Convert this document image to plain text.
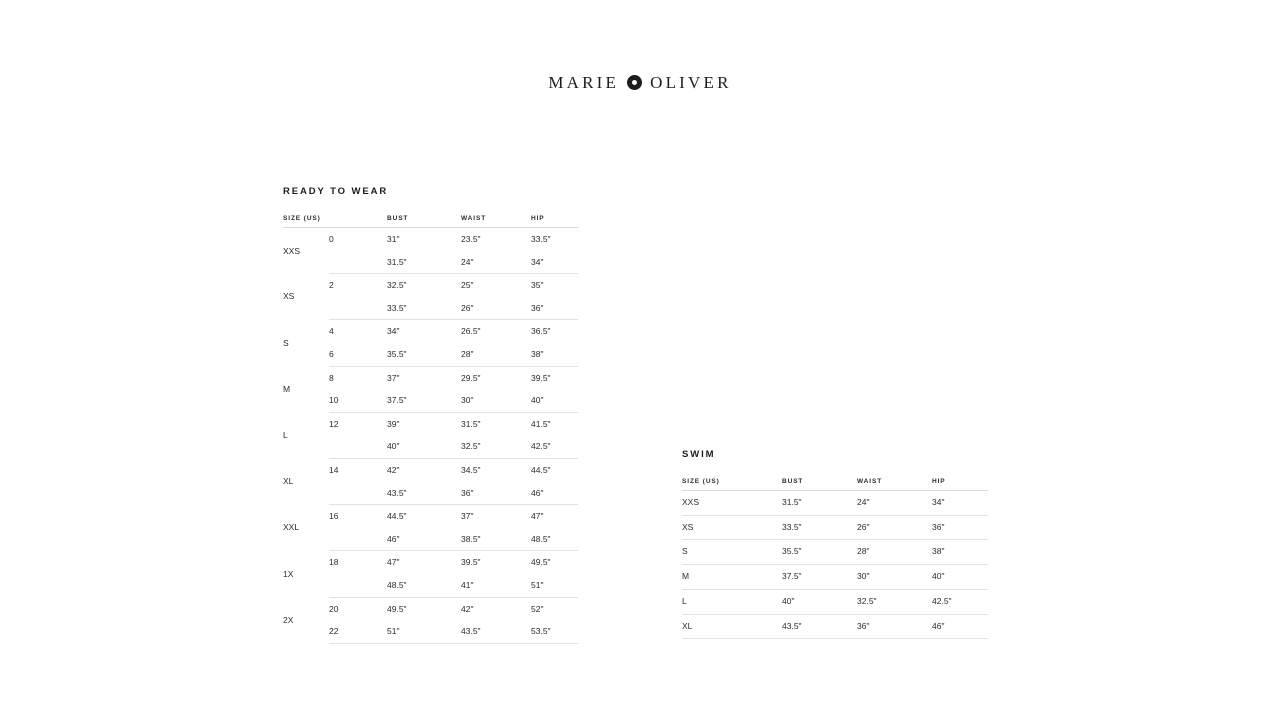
MARIE OLIVER
READY TO WEAR
SIZE (US)		BUST	WAIST	HIP
XXS	0	31"	23.5"	33.5"
		31.5"	24"	34"
XS	2	32.5"	25"	35"
		33.5"	26"	36"
S	4	34"	26.5"	36.5"
	6	35.5"	28"	38"
M	8	37"	29.5"	39.5"
	10	37.5"	30"	40"
L	12	39"	31.5"	41.5"
		40"	32.5"	42.5"
XL	14	42"	34.5"	44.5"
		43.5"	36"	46"
XXL	16	44.5"	37"	47"
		46"	38.5"	48.5"
1X	18	47"	39.5"	49.5"
		48.5"	41"	51"
2X	20	49.5"	42"	52"
	22	51"	43.5"	53.5"
SWIM
SIZE (US)	BUST	WAIST	HIP
XXS	31.5"	24"	34"
XS	33.5"	26"	36"
S	35.5"	28"	38"
M	37.5"	30"	40"
L	40"	32.5"	42.5"
XL	43.5"	36"	46"
